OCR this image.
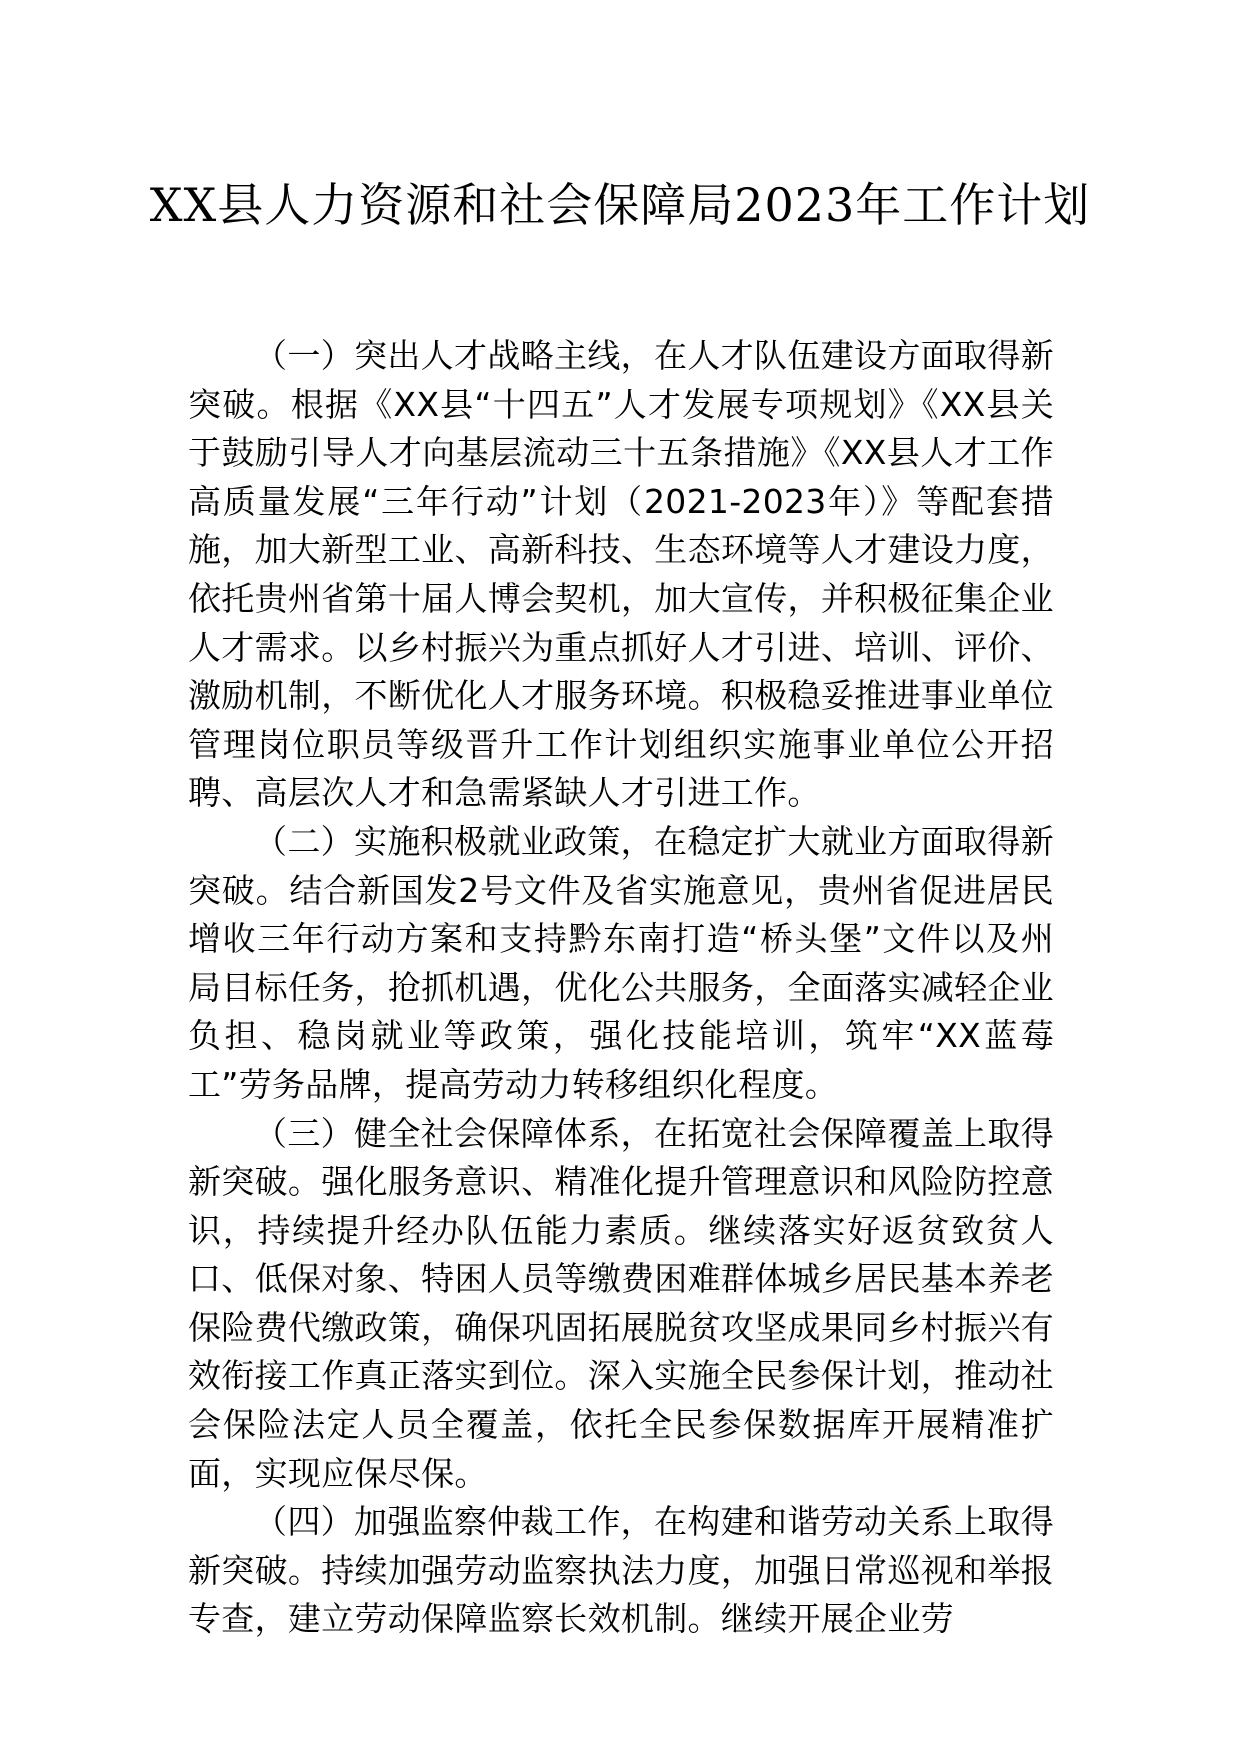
XX县人力资源和社会保障局2023年工作计划

（一）突出人才战略主线，在人才队伍建设方面取得新突破。根据《XX县“十四五”人才发展专项规划》《XX县关于鼓励引导人才向基层流动三十五条措施》《XX县人才工作高质量发展“三年行动”计划（2021-2023年）》等配套措施，加大新型工业、高新科技、生态环境等人才建设力度，依托贵州省第十届人博会契机，加大宣传，并积极征集企业人才需求。以乡村振兴为重点抓好人才引进、培训、评价、激励机制，不断优化人才服务环境。积极稳妥推进事业单位管理岗位职员等级晋升工作计划组织实施事业单位公开招聘、高层次人才和急需紧缺人才引进工作。

（二）实施积极就业政策，在稳定扩大就业方面取得新突破。结合新国发2号文件及省实施意见，贵州省促进居民增收三年行动方案和支持黔东南打造“桥头堡”文件以及州局目标任务，抢抓机遇，优化公共服务，全面落实减轻企业负担、稳岗就业等政策，强化技能培训，筑牢“XX蓝莓工”劳务品牌，提高劳动力转移组织化程度。

（三）健全社会保障体系，在拓宽社会保障覆盖上取得新突破。强化服务意识、精准化提升管理意识和风险防控意识，持续提升经办队伍能力素质。继续落实好返贫致贫人口、低保对象、特困人员等缴费困难群体城乡居民基本养老保险费代缴政策，确保巩固拓展脱贫攻坚成果同乡村振兴有效衔接工作真正落实到位。深入实施全民参保计划，推动社会保险法定人员全覆盖，依托全民参保数据库开展精准扩面，实现应保尽保。

（四）加强监察仲裁工作，在构建和谐劳动关系上取得新突破。持续加强劳动监察执法力度，加强日常巡视和举报专查，建立劳动保障监察长效机制。继续开展企业劳
